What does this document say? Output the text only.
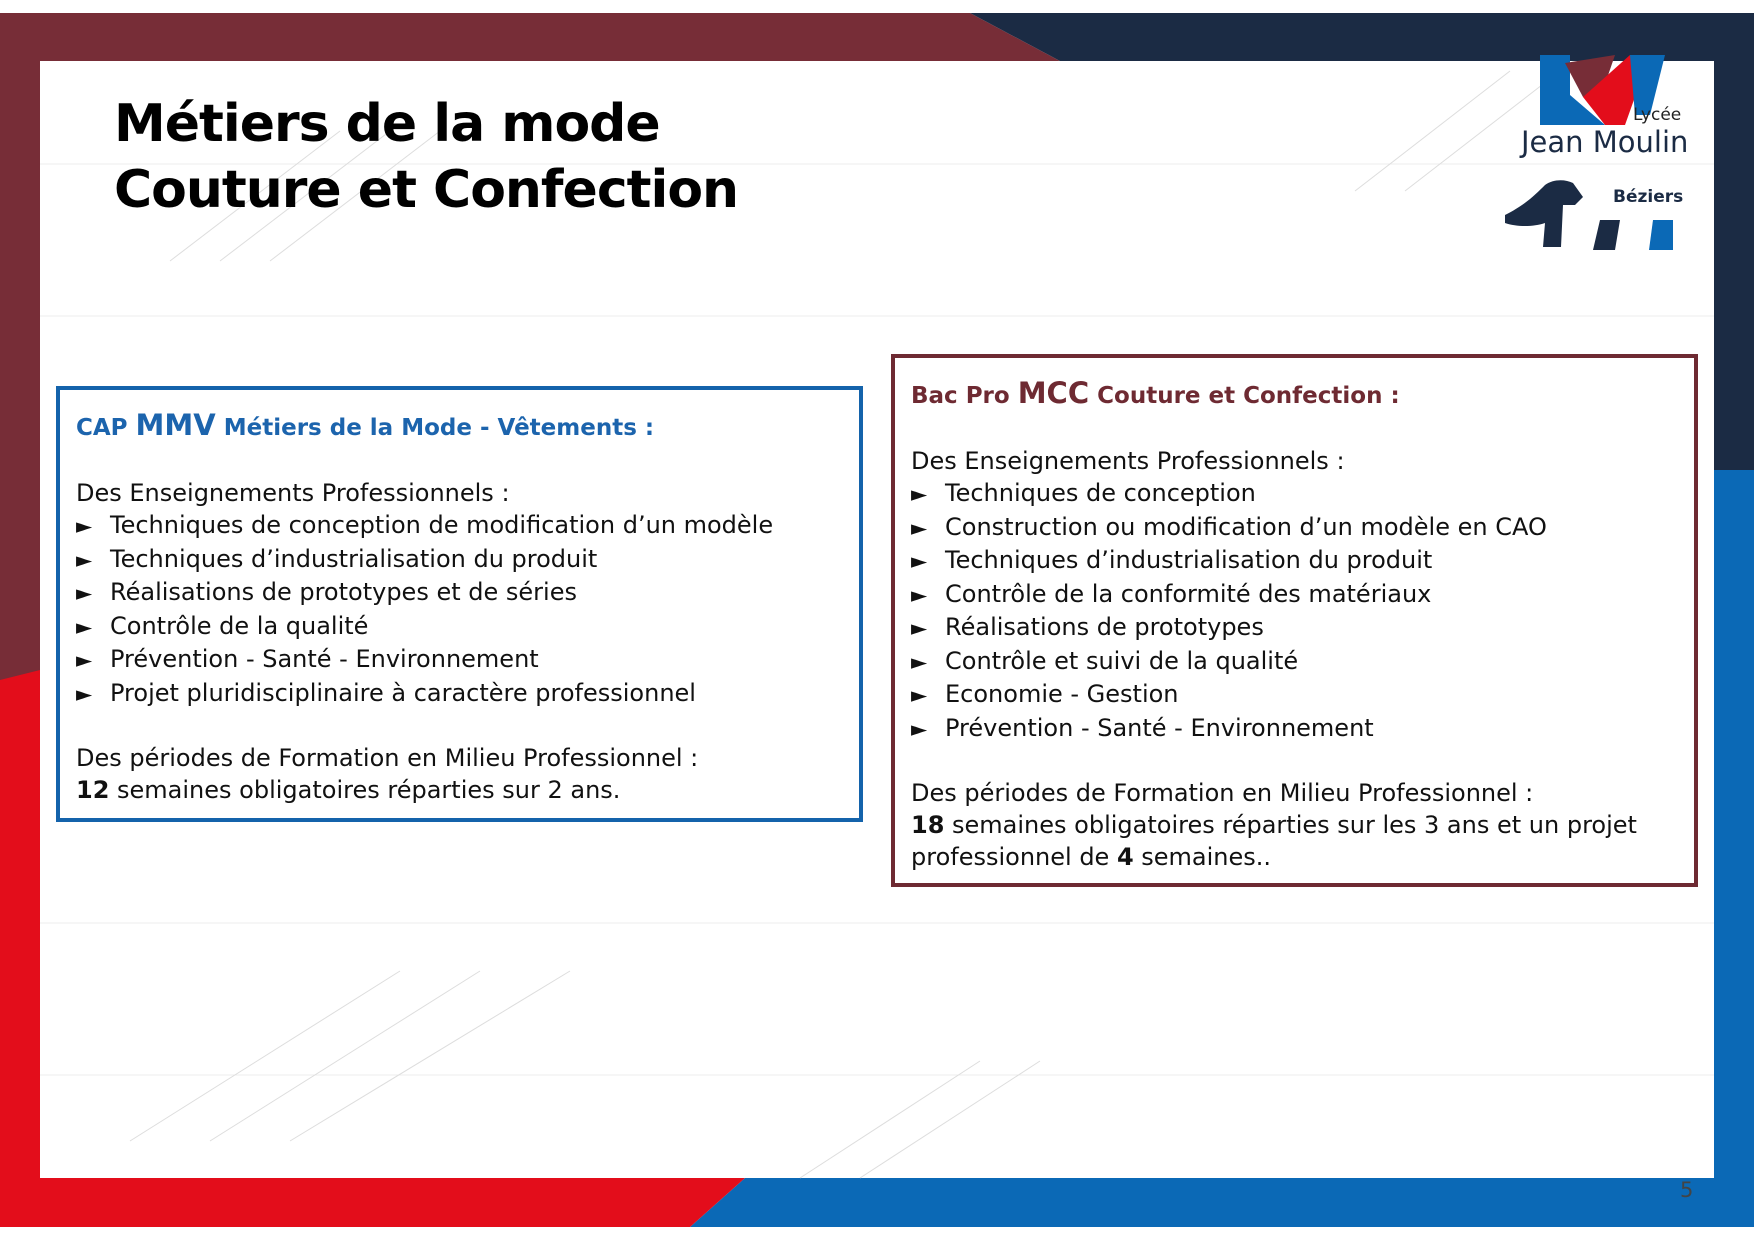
Métiers de la mode
Couture et Confection
CAP MMV Métiers de la Mode - Vêtements :
Des Enseignements Professionnels :
► Techniques de conception de modification d’un modèle
► Techniques d’industrialisation du produit
► Réalisations de prototypes et de séries
► Contrôle de la qualité
► Prévention - Santé - Environnement
► Projet pluridisciplinaire à caractère professionnel
Des périodes de Formation en Milieu Professionnel :
12 semaines obligatoires réparties sur 2 ans.
Bac Pro MCC Couture et Confection :
Des Enseignements Professionnels :
► Techniques de conception
► Construction ou modification d’un modèle en CAO
► Techniques d’industrialisation du produit
► Contrôle de la conformité des matériaux
► Réalisations de prototypes
► Contrôle et suivi de la qualité
► Economie - Gestion
► Prévention - Santé - Environnement
Des périodes de Formation en Milieu Professionnel :
18 semaines obligatoires réparties sur les 3 ans et un projet
professionnel de 4 semaines..
5
Lycée
Jean Moulin
Béziers
